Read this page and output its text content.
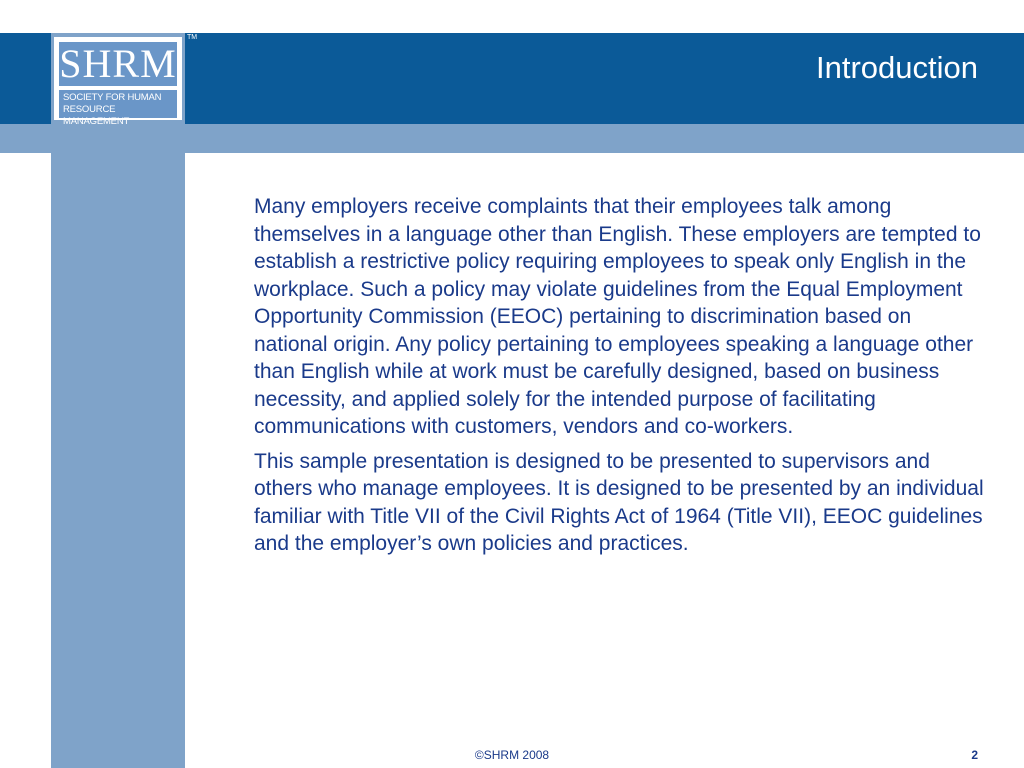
SHRM
SOCIETY FOR HUMAN RESOURCE MANAGEMENT
TM
Introduction

Many employers receive complaints that their employees talk among themselves in a language other than English. These employers are tempted to establish a restrictive policy requiring employees to speak only English in the workplace. Such a policy may violate guidelines from the Equal Employment Opportunity Commission (EEOC) pertaining to discrimination based on national origin. Any policy pertaining to employees speaking a language other than English while at work must be carefully designed, based on business necessity, and applied solely for the intended purpose of facilitating communications with customers, vendors and co-workers.

This sample presentation is designed to be presented to supervisors and others who manage employees. It is designed to be presented by an individual familiar with Title VII of the Civil Rights Act of 1964 (Title VII), EEOC guidelines and the employer’s own policies and practices.

©SHRM 2008	2
